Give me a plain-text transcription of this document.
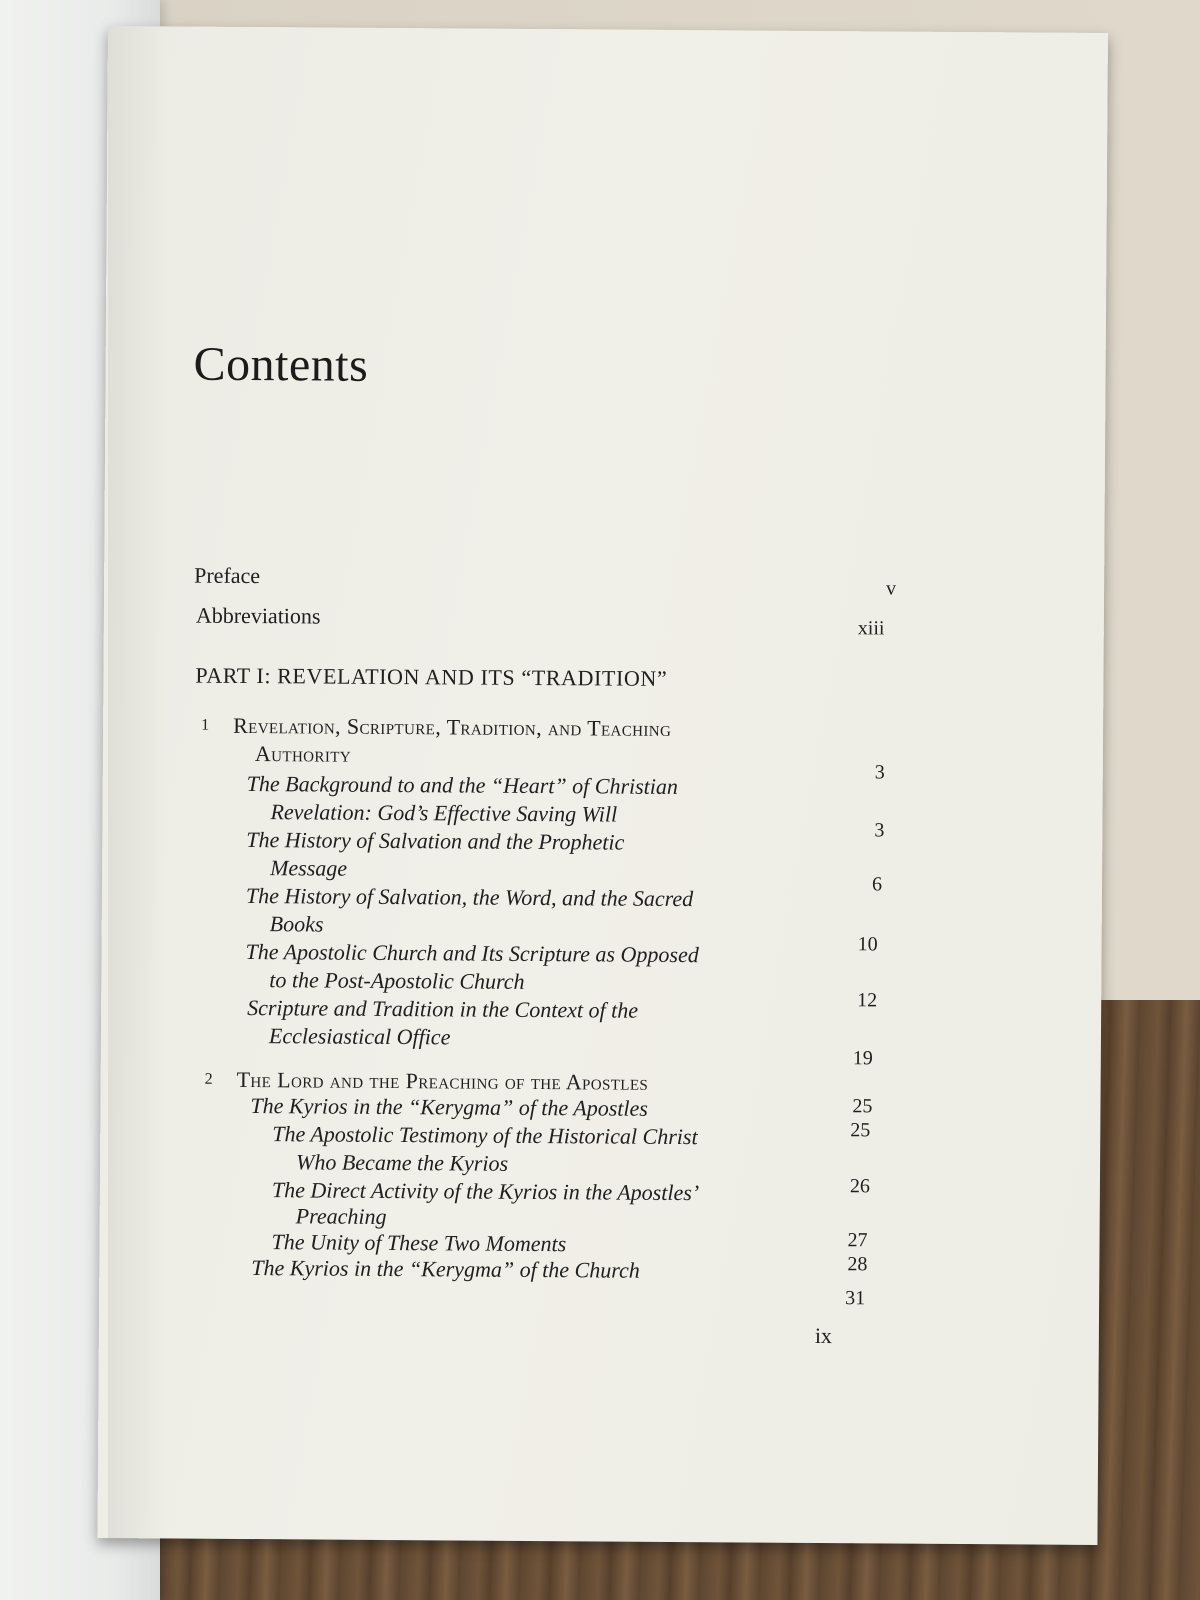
Contents
Preface
v
Abbreviations	xiii
PART I: REVELATION AND ITS “TRADITION”
1 Revelation, Scripture, Tradition, and Teaching
Authority
3
The Background to and the “Heart” of Christian
Revelation: God’s Effective Saving Will
3
The History of Salvation and the Prophetic
Message
6
The History of Salvation, the Word, and the Sacred
Books
10
The Apostolic Church and Its Scripture as Opposed
to the Post-Apostolic Church
12
Scripture and Tradition in the Context of the
Ecclesiastical Office
19
2 The Lord and the Preaching of the Apostles
25
The Kyrios in the “Kerygma” of the Apostles
25
The Apostolic Testimony of the Historical Christ
Who Became the Kyrios
26
The Direct Activity of the Kyrios in the Apostles’
Preaching
27
The Unity of These Two Moments
28
The Kyrios in the “Kerygma” of the Church
31
ix
